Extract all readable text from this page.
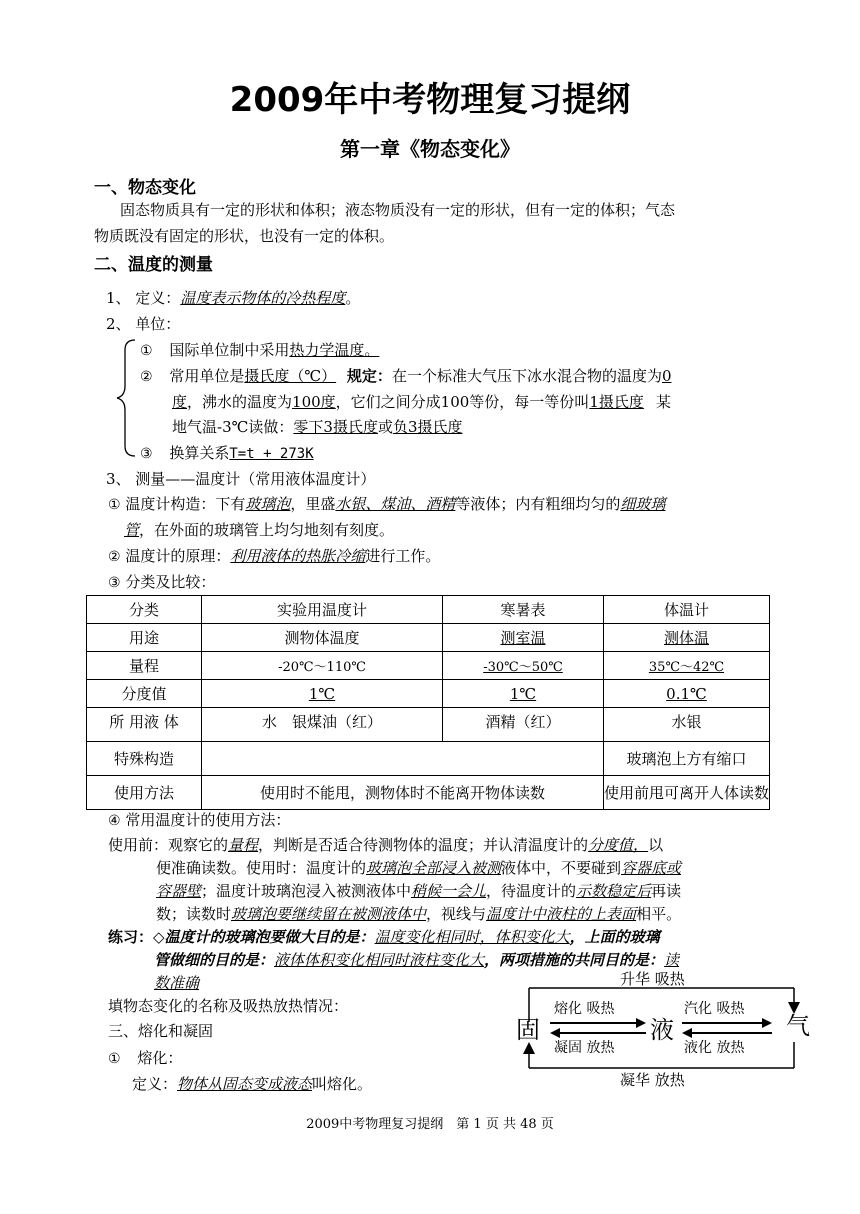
2009年中考物理复习提纲
第一章《物态变化》
一、物态变化
固态物质具有一定的形状和体积；液态物质没有一定的形状，但有一定的体积；气态
物质既没有固定的形状，也没有一定的体积。
二、温度的测量
1、 定义：温度表示物体的冷热程度。
2、 单位：
① 国际单位制中采用热力学温度。
② 常用单位是摄氏度（℃） 规定：在一个标准大气压下冰水混合物的温度为0
度，沸水的温度为100度，它们之间分成100等份，每一等份叫1摄氏度 某
地气温-3℃读做：零下3摄氏度或负3摄氏度
③ 换算关系T=t + 273K
3、 测量——温度计（常用液体温度计）
① 温度计构造：下有玻璃泡，里盛水银、煤油、酒精等液体；内有粗细均匀的细玻璃
管，在外面的玻璃管上均匀地刻有刻度。
② 温度计的原理：利用液体的热胀冷缩进行工作。
③ 分类及比较：
分类	实验用温度计	寒暑表	体温计
用途	测物体温度	测室温	测体温
量程	-20℃～110℃	-30℃～50℃	35℃～42℃
分度值	1℃	1℃	0.1℃
所 用液 体	水　银煤油（红）	酒精（红）	水银
特殊构造			玻璃泡上方有缩口
使用方法	使用时不能甩，测物体时不能离开物体读数		使用前甩可离开人体读数
④ 常用温度计的使用方法：
使用前：观察它的量程，判断是否适合待测物体的温度；并认清温度计的分度值，以
便准确读数。使用时：温度计的玻璃泡全部浸入被测液体中，不要碰到容器底或
容器壁；温度计玻璃泡浸入被测液体中稍候一会儿，待温度计的示数稳定后再读
数；读数时玻璃泡要继续留在被测液体中，视线与温度计中液柱的上表面相平。
练习：◇温度计的玻璃泡要做大目的是：温度变化相同时，体积变化大，上面的玻璃
管做细的目的是：液体体积变化相同时液柱变化大，两项措施的共同目的是：读
数准确
填物态变化的名称及吸热放热情况：
三、熔化和凝固
① 熔化：
定义：物体从固态变成液态叫熔化。
升华 吸热
凝华 放热
熔化 吸热
凝固 放热
汽化 吸热
液化 放热
固	液	气
2009中考物理复习提纲　第 1 页 共 48 页
